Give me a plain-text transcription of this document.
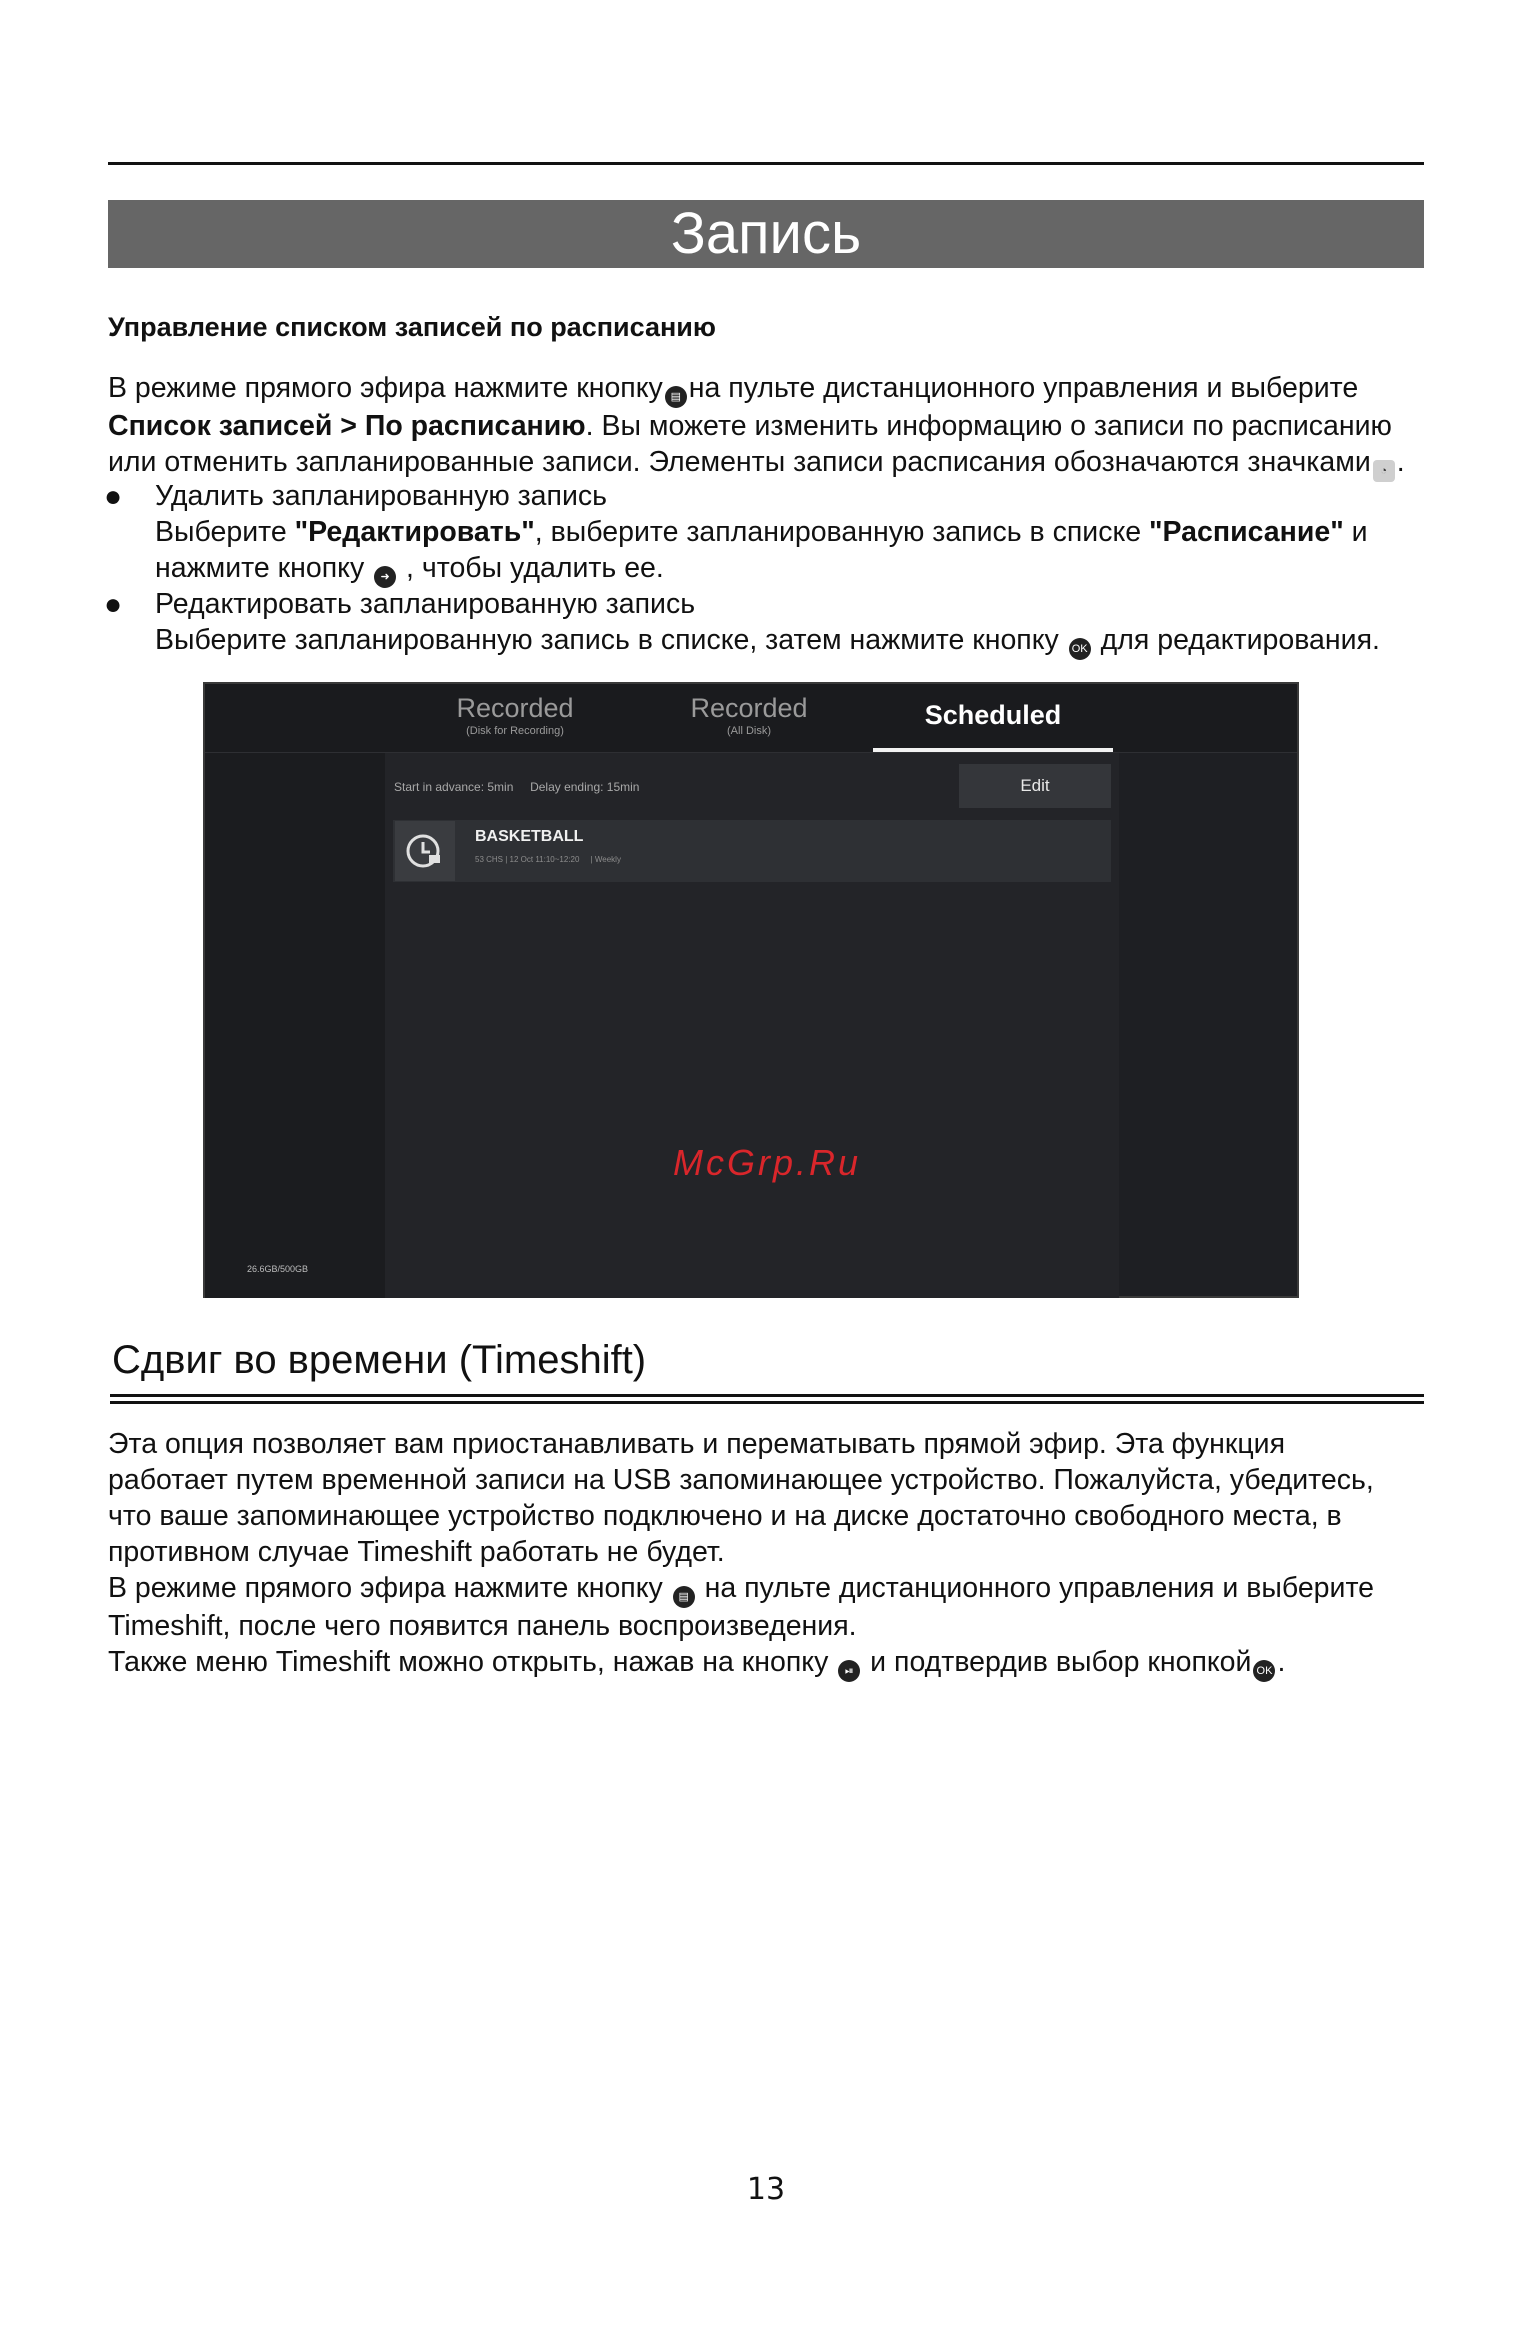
Запись
Управление списком записей по расписанию
В режиме прямого эфира нажмите кнопку ▤ на пульте дистанционного управления и выберите
Список записей > По расписанию. Вы можете изменить информацию о записи по расписанию
или отменить запланированные записи. Элементы записи расписания обозначаются значками ◔ .
● Удалить запланированную запись
Выберите "Редактировать", выберите запланированную запись в списке "Расписание" и
нажмите кнопку ➜ , чтобы удалить ее.
● Редактировать запланированную запись
Выберите запланированную запись в списке, затем нажмите кнопку OK для редактирования.
Recorded
(Disk for Recording)
Recorded
(All Disk)
Scheduled
26.6GB/500GB
Start in advance: 5min     Delay ending: 15min	Edit
BASKETBALL
53 CHS | 12 Oct 11:10~12:20     | Weekly
McGrp.Ru
Сдвиг во времени (Timeshift)
Эта опция позволяет вам приостанавливать и перематывать прямой эфир. Эта функция
работает путем временной записи на USB запоминающее устройство. Пожалуйста, убедитесь,
что ваше запоминающее устройство подключено и на диске достаточно свободного места, в
противном случае Timeshift работать не будет.
В режиме прямого эфира нажмите кнопку ▤ на пульте дистанционного управления и выберите
Timeshift, после чего появится панель воспроизведения.
Также меню Timeshift можно открыть, нажав на кнопку ⏯ и подтвердив выбор кнопкой OK .
13
